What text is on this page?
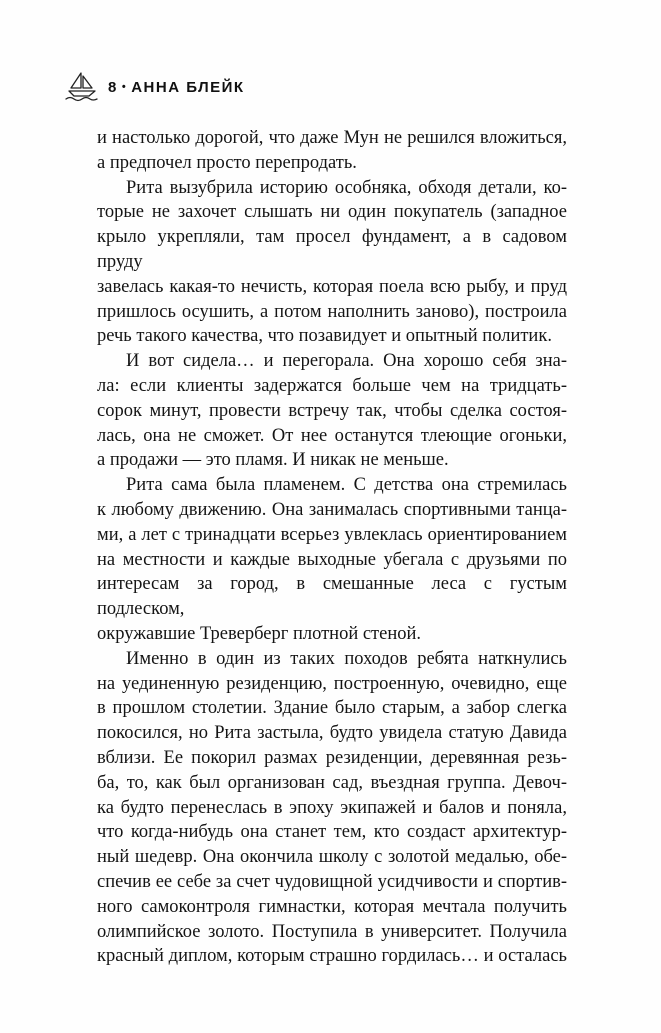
8 • АННА БЛЕЙК
и настолько дорогой, что даже Мун не решился вложиться,
а предпочел просто перепродать.
Рита вызубрила историю особняка, обходя детали, ко-
торые не захочет слышать ни один покупатель (западное
крыло укрепляли, там просел фундамент, а в садовом пруду
завелась какая-то нечисть, которая поела всю рыбу, и пруд
пришлось осушить, а потом наполнить заново), построила
речь такого качества, что позавидует и опытный политик.
И вот сидела… и перегорала. Она хорошо себя зна-
ла: если клиенты задержатся больше чем на тридцать-
сорок минут, провести встречу так, чтобы сделка состоя-
лась, она не сможет. От нее останутся тлеющие огоньки,
а продажи — это пламя. И никак не меньше.
Рита сама была пламенем. С детства она стремилась
к любому движению. Она занималась спортивными танца-
ми, а лет с тринадцати всерьез увлеклась ориентированием
на местности и каждые выходные убегала с друзьями по
интересам за город, в смешанные леса с густым подлеском,
окружавшие Треверберг плотной стеной.
Именно в один из таких походов ребята наткнулись
на уединенную резиденцию, построенную, очевидно, еще
в прошлом столетии. Здание было старым, а забор слегка
покосился, но Рита застыла, будто увидела статую Давида
вблизи. Ее покорил размах резиденции, деревянная резь-
ба, то, как был организован сад, въездная группа. Девоч-
ка будто перенеслась в эпоху экипажей и балов и поняла,
что когда-нибудь она станет тем, кто создаст архитектур-
ный шедевр. Она окончила школу с золотой медалью, обе-
спечив ее себе за счет чудовищной усидчивости и спортив-
ного самоконтроля гимнастки, которая мечтала получить
олимпийское золото. Поступила в университет. Получила
красный диплом, которым страшно гордилась… и осталась
